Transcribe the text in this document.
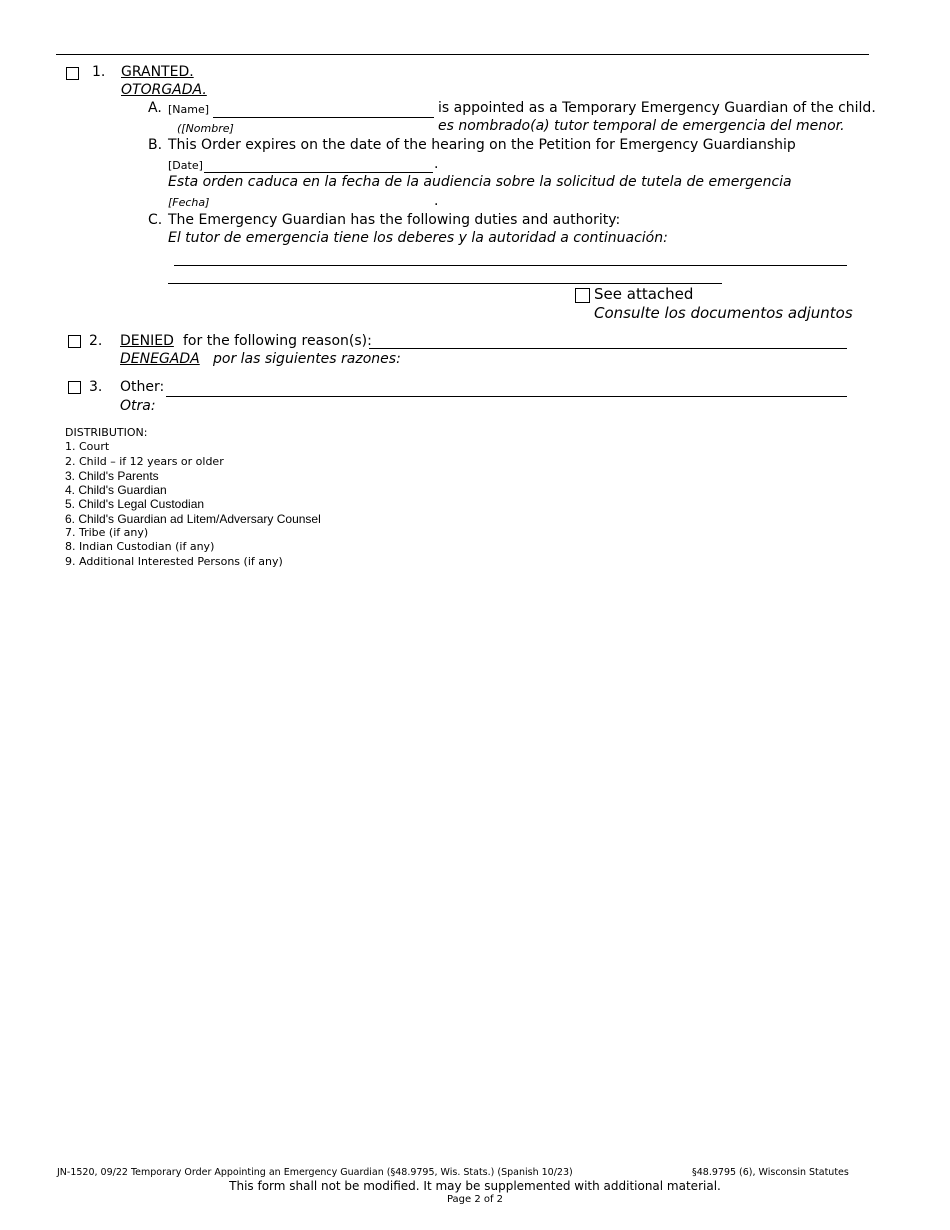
1. GRANTED.
OTORGADA.
A. [Name]	is appointed as a Temporary Emergency Guardian of the child.
([Nombre]	es nombrado(a) tutor temporal de emergencia del menor.
B. This Order expires on the date of the hearing on the Petition for Emergency Guardianship
[Date]	.
Esta orden caduca en la fecha de la audiencia sobre la solicitud de tutela de emergencia
[Fecha]	.
C. The Emergency Guardian has the following duties and authority:
El tutor de emergencia tiene los deberes y la autoridad a continuación:
See attached
Consulte los documentos adjuntos
2. DENIED for the following reason(s):
DENEGADA por las siguientes razones:
3. Other:
Otra:
DISTRIBUTION:
1. Court
2. Child – if 12 years or older
3. Child's Parents
4. Child's Guardian
5. Child's Legal Custodian
6. Child's Guardian ad Litem/Adversary Counsel
7. Tribe (if any)
8. Indian Custodian (if any)
9. Additional Interested Persons (if any)
JN-1520, 09/22 Temporary Order Appointing an Emergency Guardian (§48.9795, Wis. Stats.) (Spanish 10/23)	§48.9795 (6), Wisconsin Statutes
This form shall not be modified. It may be supplemented with additional material.
Page 2 of 2
